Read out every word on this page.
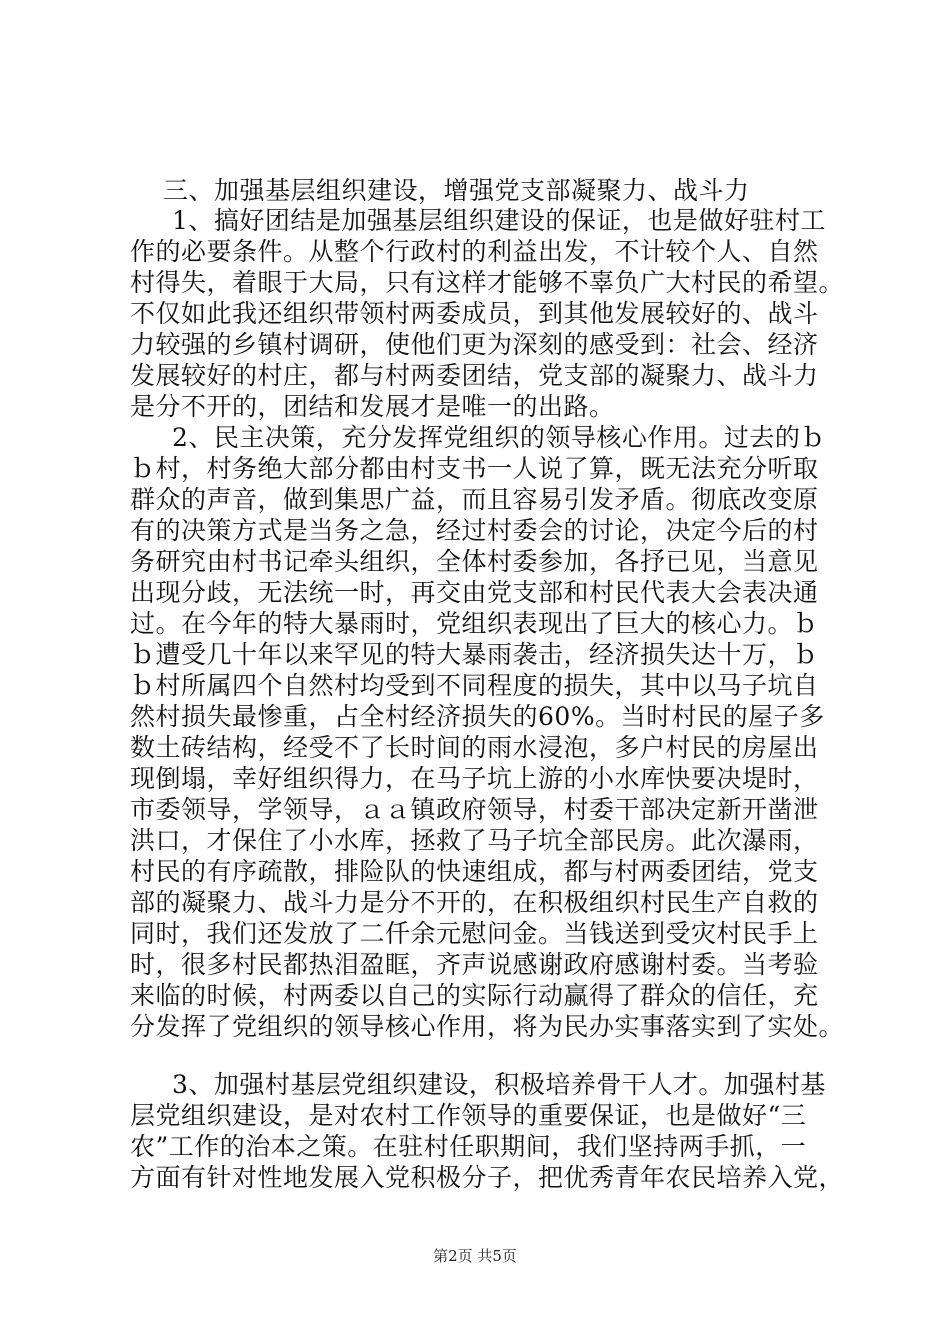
三、加强基层组织建设，增强党支部凝聚力、战斗力
1、搞好团结是加强基层组织建设的保证，也是做好驻村工
作的必要条件。从整个行政村的利益出发，不计较个人、自然
村得失，着眼于大局，只有这样才能够不辜负广大村民的希望。
不仅如此我还组织带领村两委成员，到其他发展较好的、战斗
力较强的乡镇村调研，使他们更为深刻的感受到：社会、经济
发展较好的村庄，都与村两委团结，党支部的凝聚力、战斗力
是分不开的，团结和发展才是唯一的出路。
2、民主决策，充分发挥党组织的领导核心作用。过去的ｂ
ｂ村，村务绝大部分都由村支书一人说了算，既无法充分听取
群众的声音，做到集思广益，而且容易引发矛盾。彻底改变原
有的决策方式是当务之急，经过村委会的讨论，决定今后的村
务研究由村书记牵头组织，全体村委参加，各抒已见，当意见
出现分歧，无法统一时，再交由党支部和村民代表大会表决通
过。在今年的特大暴雨时，党组织表现出了巨大的核心力。ｂ
ｂ遭受几十年以来罕见的特大暴雨袭击，经济损失达十万，ｂ
ｂ村所属四个自然村均受到不同程度的损失，其中以马子坑自
然村损失最惨重，占全村经济损失的60%。当时村民的屋子多
数土砖结构，经受不了长时间的雨水浸泡，多户村民的房屋出
现倒塌，幸好组织得力，在马子坑上游的小水库快要决堤时，
市委领导，学领导，ａａ镇政府领导，村委干部决定新开凿泄
洪口，才保住了小水库，拯救了马子坑全部民房。此次瀑雨，
村民的有序疏散，排险队的快速组成，都与村两委团结，党支
部的凝聚力、战斗力是分不开的，在积极组织村民生产自救的
同时，我们还发放了二仟余元慰问金。当钱送到受灾村民手上
时，很多村民都热泪盈眶，齐声说感谢政府感谢村委。当考验
来临的时候，村两委以自己的实际行动赢得了群众的信任，充
分发挥了党组织的领导核心作用，将为民办实事落实到了实处。
3、加强村基层党组织建设，积极培养骨干人才。加强村基
层党组织建设，是对农村工作领导的重要保证，也是做好“三
农”工作的治本之策。在驻村任职期间，我们坚持两手抓，一
方面有针对性地发展入党积极分子，把优秀青年农民培养入党，
第2页 共5页
